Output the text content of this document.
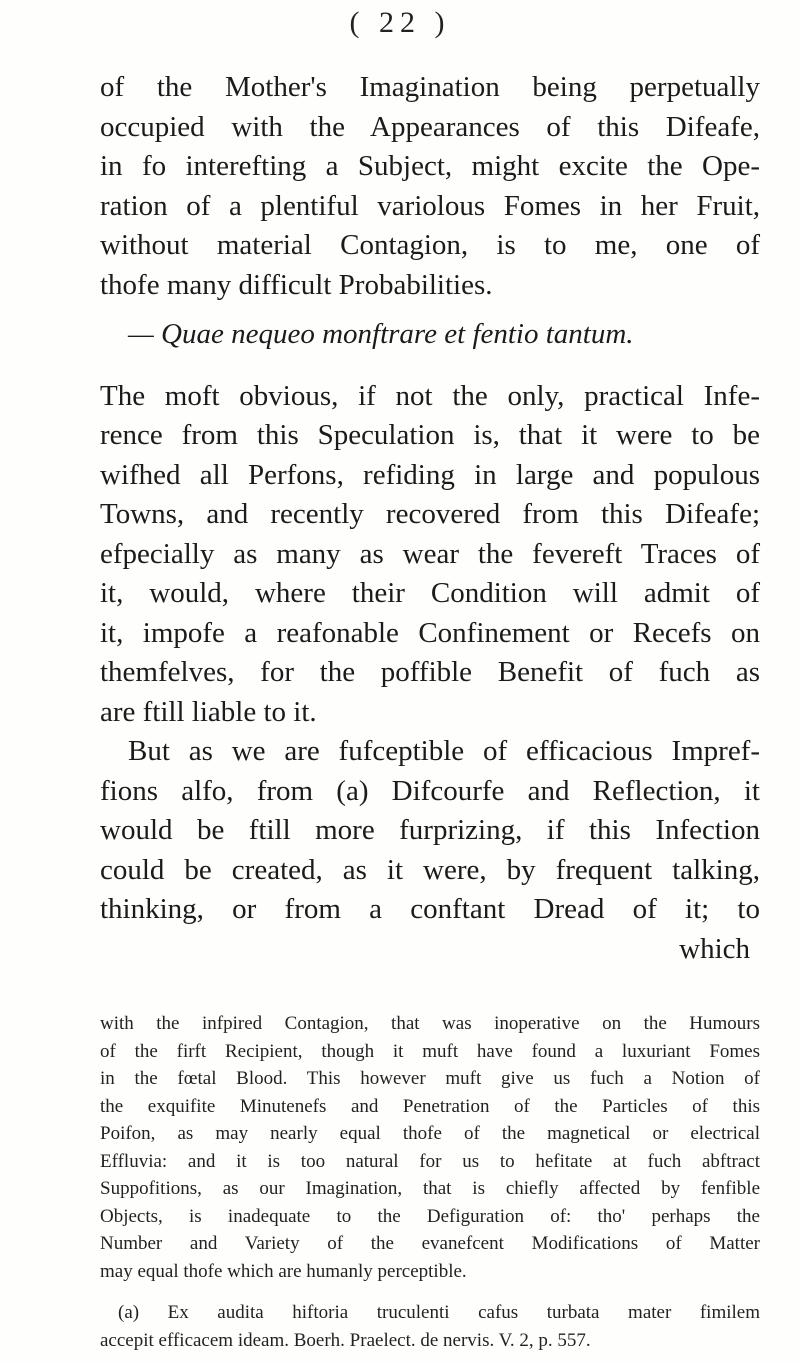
( 22 )
of the Mother's Imagination being perpetually
occupied with the Appearances of this Difeafe,
in fo interefting a Subject, might excite the Ope-
ration of a plentiful variolous Fomes in her Fruit,
without material Contagion, is to me, one of
thofe many difficult Probabilities.
— Quae nequeo monftrare et fentio tantum.
The moft obvious, if not the only, practical Infe-
rence from this Speculation is, that it were to be
wifhed all Perfons, refiding in large and populous
Towns, and recently recovered from this Difeafe;
efpecially as many as wear the fevereft Traces of
it, would, where their Condition will admit of
it, impofe a reafonable Confinement or Recefs on
themfelves, for the poffible Benefit of fuch as
are ftill liable to it.
But as we are fufceptible of efficacious Impref-
fions alfo, from (a) Difcourfe and Reflection, it
would be ftill more furprizing, if this Infection
could be created, as it were, by frequent talking,
thinking, or from a conftant Dread of it; to
which
with the infpired Contagion, that was inoperative on the Humours
of the firft Recipient, though it muft have found a luxuriant Fomes
in the fœtal Blood. This however muft give us fuch a Notion of
the exquifite Minutenefs and Penetration of the Particles of this
Poifon, as may nearly equal thofe of the magnetical or electrical
Effluvia: and it is too natural for us to hefitate at fuch abftract
Suppofitions, as our Imagination, that is chiefly affected by fenfible
Objects, is inadequate to the Defiguration of: tho' perhaps the
Number and Variety of the evanefcent Modifications of Matter
may equal thofe which are humanly perceptible.
(a) Ex audita hiftoria truculenti cafus turbata mater fimilem
accepit efficacem ideam. Boerh. Praelect. de nervis. V. 2, p. 557.
